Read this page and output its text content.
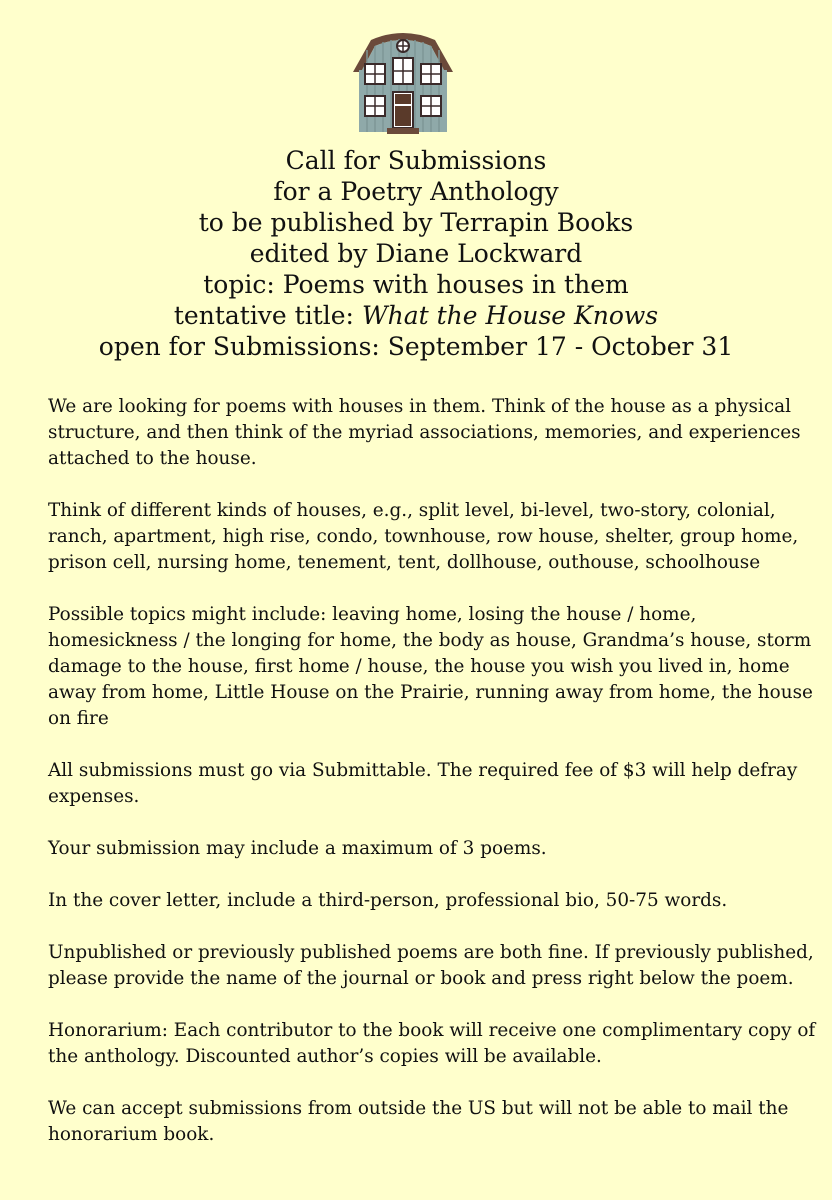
Call for Submissions
for a Poetry Anthology
to be published by Terrapin Books
edited by Diane Lockward
topic: Poems with houses in them
tentative title: What the House Knows
open for Submissions: September 17 - October 31

We are looking for poems with houses in them. Think of the house as a physical structure, and then think of the myriad associations, memories, and experiences attached to the house.

Think of different kinds of houses, e.g., split level, bi-level, two-story, colonial, ranch, apartment, high rise, condo, townhouse, row house, shelter, group home, prison cell, nursing home, tenement, tent, dollhouse, outhouse, schoolhouse

Possible topics might include: leaving home, losing the house / home, homesickness / the longing for home, the body as house, Grandma’s house, storm damage to the house, first home / house, the house you wish you lived in, home away from home, Little House on the Prairie, running away from home, the house on fire

All submissions must go via Submittable. The required fee of $3 will help defray expenses.

Your submission may include a maximum of 3 poems.

In the cover letter, include a third-person, professional bio, 50-75 words.

Unpublished or previously published poems are both fine. If previously published, please provide the name of the journal or book and press right below the poem.

Honorarium: Each contributor to the book will receive one complimentary copy of the anthology. Discounted author’s copies will be available.

We can accept submissions from outside the US but will not be able to mail the honorarium book.
